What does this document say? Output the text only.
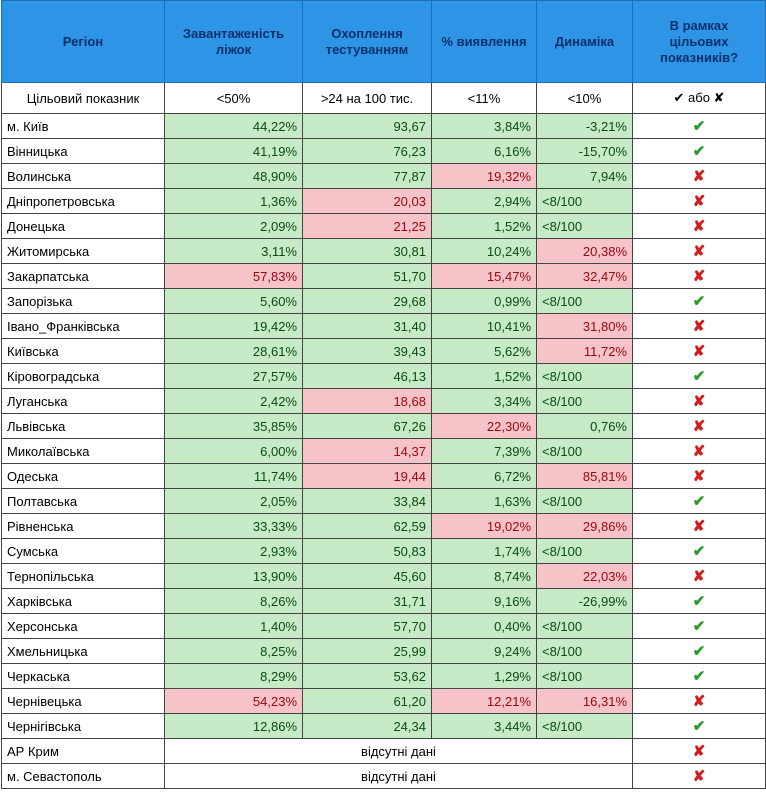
Регіон	Завантаженість ліжок	Охоплення тестуванням	% виявлення	Динаміка	В рамках цільових показників?
Цільовий показник	<50%	>24 на 100 тис.	<11%	<10%	✔ або ✘
м. Київ	44,22%	93,67	3,84%	-3,21%	✔
Вінницька	41,19%	76,23	6,16%	-15,70%	✔
Волинська	48,90%	77,87	19,32%	7,94%	✘
Дніпропетровська	1,36%	20,03	2,94%	<8/100	✘
Донецька	2,09%	21,25	1,52%	<8/100	✘
Житомирська	3,11%	30,81	10,24%	20,38%	✘
Закарпатська	57,83%	51,70	15,47%	32,47%	✘
Запорізька	5,60%	29,68	0,99%	<8/100	✔
Івано_Франківська	19,42%	31,40	10,41%	31,80%	✘
Київська	28,61%	39,43	5,62%	11,72%	✘
Кіровоградська	27,57%	46,13	1,52%	<8/100	✔
Луганська	2,42%	18,68	3,34%	<8/100	✘
Львівська	35,85%	67,26	22,30%	0,76%	✘
Миколаївська	6,00%	14,37	7,39%	<8/100	✘
Одеська	11,74%	19,44	6,72%	85,81%	✘
Полтавська	2,05%	33,84	1,63%	<8/100	✔
Рівненська	33,33%	62,59	19,02%	29,86%	✘
Сумська	2,93%	50,83	1,74%	<8/100	✔
Тернопільська	13,90%	45,60	8,74%	22,03%	✘
Харківська	8,26%	31,71	9,16%	-26,99%	✔
Херсонська	1,40%	57,70	0,40%	<8/100	✔
Хмельницька	8,25%	25,99	9,24%	<8/100	✔
Черкаська	8,29%	53,62	1,29%	<8/100	✔
Чернівецька	54,23%	61,20	12,21%	16,31%	✘
Чернігівська	12,86%	24,34	3,44%	<8/100	✔
АР Крим	відсутні дані				✘
м. Севастополь	відсутні дані				✘
